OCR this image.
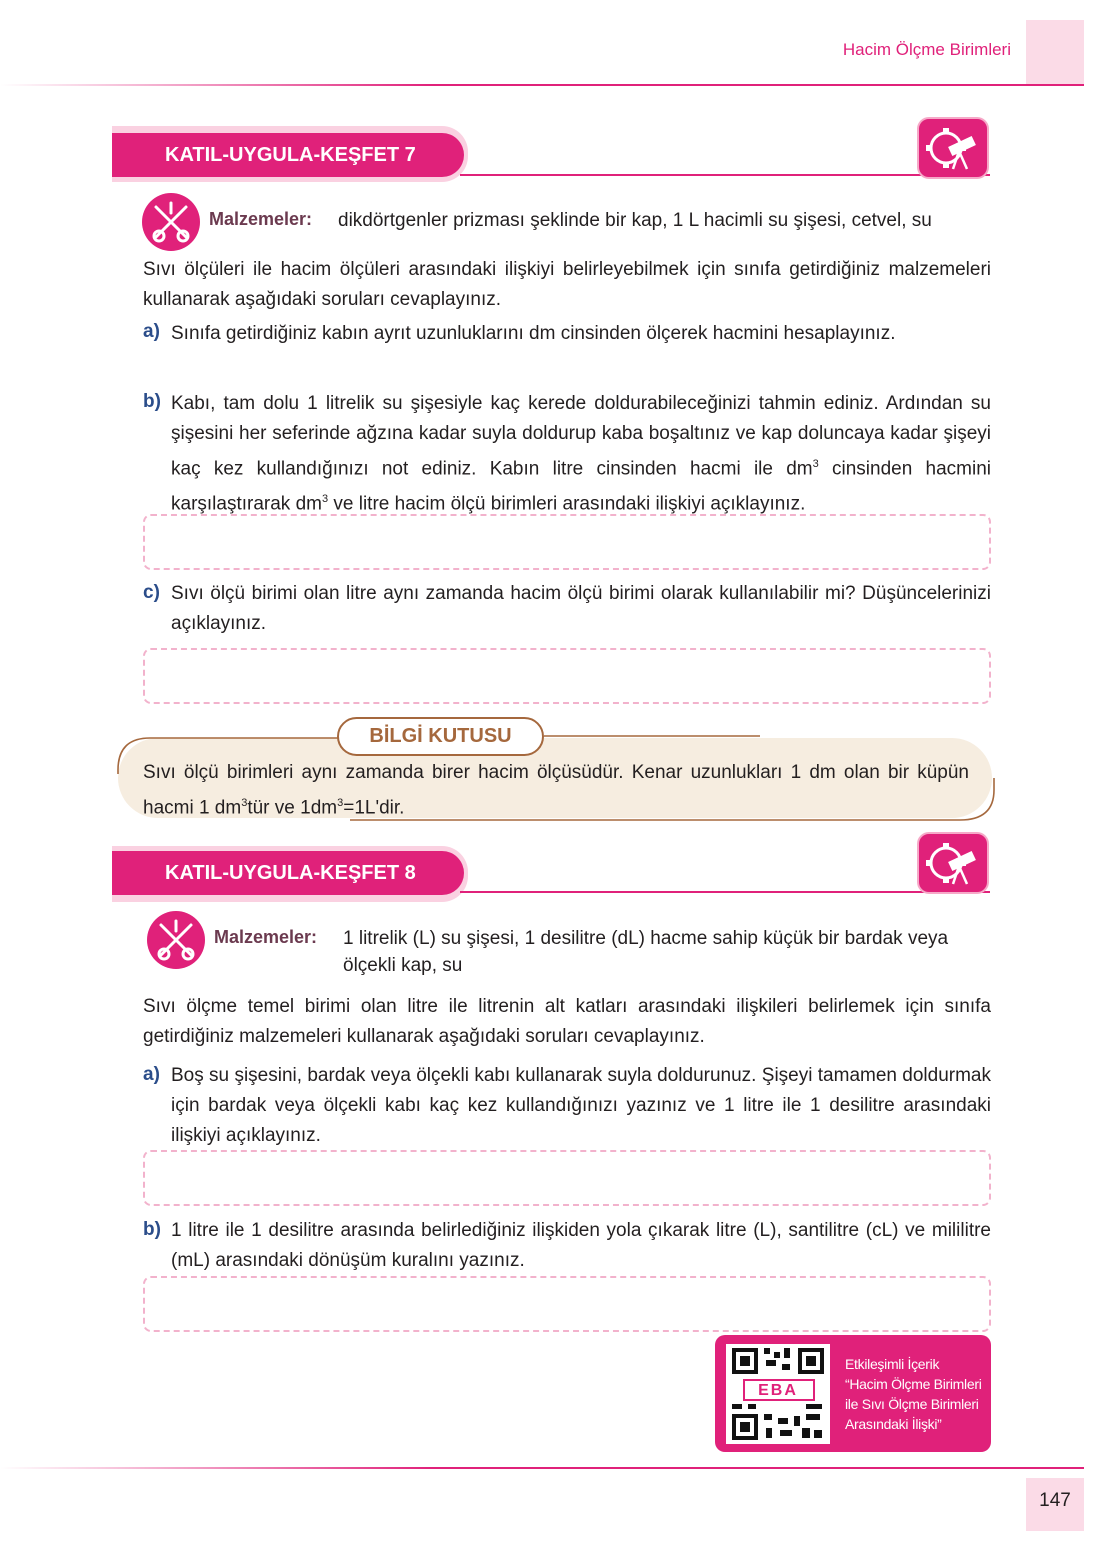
Hacim Ölçme Birimleri
KATIL-UYGULA-KEŞFET 7
Malzemeler: dikdörtgenler prizması şeklinde bir kap, 1 L hacimli su şişesi, cetvel, su
Sıvı ölçüleri ile hacim ölçüleri arasındaki ilişkiyi belirleyebilmek için sınıfa getirdiğiniz malzemeleri kullanarak aşağıdaki soruları cevaplayınız.
a) Sınıfa getirdiğiniz kabın ayrıt uzunluklarını dm cinsinden ölçerek hacmini hesaplayınız.
b) Kabı, tam dolu 1 litrelik su şişesiyle kaç kerede doldurabileceğinizi tahmin ediniz. Ardından su şişesini her seferinde ağzına kadar suyla doldurup kaba boşaltınız ve kap doluncaya kadar şişeyi kaç kez kullandığınızı not ediniz. Kabın litre cinsinden hacmi ile $dm^3$ cinsinden hacmini karşılaştırarak $dm^3$ ve litre hacim ölçü birimleri arasındaki ilişkiyi açıklayınız.
c) Sıvı ölçü birimi olan litre aynı zamanda hacim ölçü birimi olarak kullanılabilir mi? Düşüncelerinizi açıklayınız.
BİLGİ KUTUSU
Sıvı ölçü birimleri aynı zamanda birer hacim ölçüsüdür. Kenar uzunlukları 1 dm olan bir küpün hacmi 1 $dm^3tür$ ve $1dm^3=1L'dir$.
KATIL-UYGULA-KEŞFET 8
Malzemeler: 1 litrelik (L) su şişesi, 1 desilitre (dL) hacme sahip küçük bir bardak veya
ölçekli kap, su
Sıvı ölçme temel birimi olan litre ile litrenin alt katları arasındaki ilişkileri belirlemek için sınıfa getirdiğiniz malzemeleri kullanarak aşağıdaki soruları cevaplayınız.
a) Boş su şişesini, bardak veya ölçekli kabı kullanarak suyla doldurunuz. Şişeyi tamamen doldurmak için bardak veya ölçekli kabı kaç kez kullandığınızı yazınız ve 1 litre ile 1 desilitre arasındaki ilişkiyi açıklayınız.
b) 1 litre ile 1 desilitre arasında belirlediğiniz ilişkiden yola çıkarak litre (L), santilitre (cL) ve mililitre (mL) arasındaki dönüşüm kuralını yazınız.
EBA
Etkileşimli İçerik
“Hacim Ölçme Birimleri
ile Sıvı Ölçme Birimleri
Arasındaki İlişki”
147
